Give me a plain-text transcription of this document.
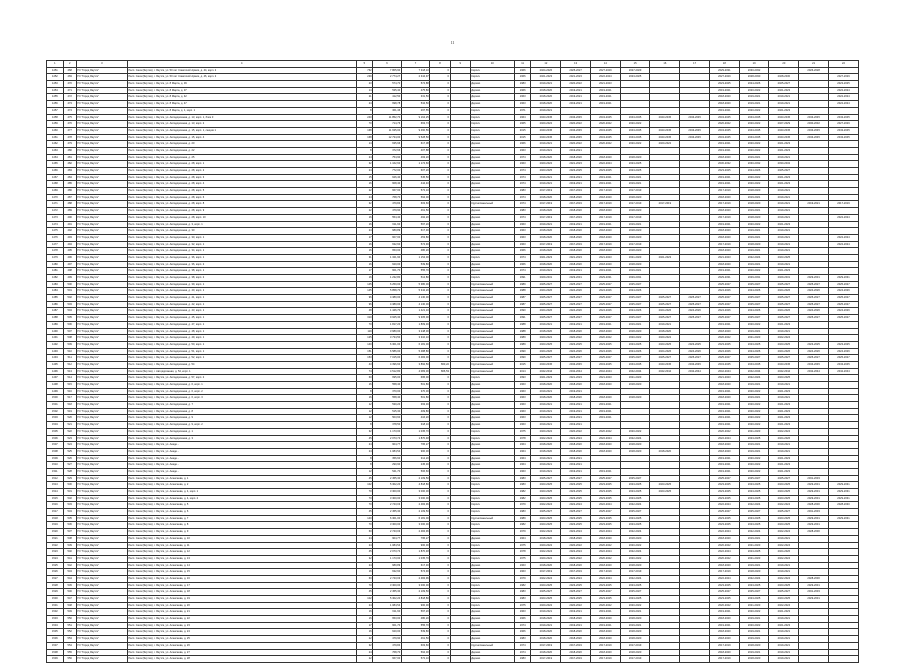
11
1	2	3	4	5	6	7	8	9	10	11	12	13	14	15	16	17	18	19	20	21	22
1451	468	ГО "Город Якутск"	Респ. Саха (Якутия), г. Якутск, ул. 50 лет Советской Армии, д. 44, корп. 2	762	7 805,90	7 318,10	0		Кирпич	1966	2024-2026	2025-2027	2027-2029	2027-2029			2029-2031	2030-2032		2026-2028	
1452	469	ГО "Город Якутск"	Респ. Саха (Якутия), г. Якутск, ул. 50 лет Советской Армии, д. 46, корп. 2	239	2 774,27	2 344,97	0		Кирпич	1966	2021-2023	2021-2023	2022-2024	2023-2025			2027-2029	2028-2030	2028-2030		2027-2029
1453	470	ГО "Город Якутск"	Респ. Саха (Якутия), г. Якутск, ул. 8 Марта, д. 39	23	574,70	574,88	0		Дерево	1983	2019-2021	2020-2022	2021-2023				2023-2025	2024-2026	2025-2027		2023-2025
1454	471	ГО "Город Якутск"	Респ. Саха (Якутия), г. Якутск, ул. 8 Марта, д. 37	14	535,40	475,80	0		Дерево	1966	2018-2020	2019-2021	2019-2021				2019-2021	2020-2022	2021-2023		2022-2024
1455	472	ГО "Город Якутск"	Респ. Саха (Якутия), г. Якутск, ул. 8 Марта, д. 42	21	412,50	331,50	0		Дерево	1963	2018-2020	2019-2021	2019-2021				2018-2020	2019-2021	2019-2021		2022-2024
1456	473	ГО "Город Якутск"	Респ. Саха (Якутия), г. Якутск, ул. 8 Марта, д. 47	24	698,78	534,50	0		Дерево	1963	2018-2020	2019-2021	2019-2021				2018-2020	2019-2021	2019-2021		2022-2024
1457	474	ГО "Город Якутск"	Респ. Саха (Якутия), г. Якутск, ул. 8 Марта, д. 1, корп. 1	8	361,46	297,55	0		Кирпич	1971	2019-2021						2019-2021	2020-2022	2021-2023		
1458	475	ГО "Город Якутск"	Респ. Саха (Якутия), г. Якутск, ул. Автодорожная, д. 13, корп. 1, блок 3	240	11 852,70	9 164,25	0		Кирпич	1964	2043-2045	2043-2045	2043-2045	2043-2045	2043-2045	2043-2045	2043-2045	2043-2045	2043-2045	2043-2045	2043-2045
1459	476	ГО "Город Якутск"	Респ. Саха (Якутия), г. Якутск, ул. Автодорожная, д. 13, корп. 2	70	714,76	663,73	0		Кирпич	1965	2020-2022	2020-2022	2020-2022	2020-2022			2020-2022	2020-2022	2027-2029	2030-2032	2027-2029
1460	477	ГО "Город Якутск"	Респ. Саха (Якутия), г. Якутск, ул. Автодорожная, д. 15, корп. 1, секция 1	168	11 635,00	9 460,56	0		Кирпич	2015	2043-2045	2043-2045	2043-2045	2043-2045	2043-2045	2043-2045	2043-2045	2043-2045	2043-2045	2043-2045	2043-2045
1461	478	ГО "Город Якутск"	Респ. Саха (Якутия), г. Якутск, ул. Автодорожная, д. 15, корп. 4	168	12 734,00	9 528,50	0		Кирпич	2015	2043-2045	2043-2045	2043-2045	2043-2045	2043-2045	2043-2045	2043-2045	2043-2045	2043-2045	2043-2045	2043-2045
1462	479	ГО "Город Якутск"	Респ. Саха (Якутия), г. Якутск, ул. Автодорожная, д. 20	14	635,96	617,08	0		Дерево	1966	2019-2021	2020-2022	2020-2022	2020-2022	2020-2022		2019-2021	2020-2022	2021-2023		
1463	480	ГО "Город Якутск"	Респ. Саха (Якутия), г. Якутск, ул. Автодорожная, д. 22	8	372,66	407,88	0		Дерево	1963	2019-2021	2019-2021					2019-2021	2020-2022	2021-2023		
1464	481	ГО "Город Якутск"	Респ. Саха (Якутия), г. Якутск, ул. Автодорожная, д. 25	24	754,90	493,20	0		Дерево	1974	2018-2020	2018-2020	2018-2020	2018-2020			2018-2020	2019-2021	2019-2021		
1465	482	ГО "Город Якутск"	Респ. Саха (Якутия), г. Якутск, ул. Автодорожная, д. 28, корп. 1	32	1 162,60	1 174,60	0		Дерево	1963	2020-2022	2021-2023	2022-2024	2023-2025			2030-2032	2030-2032	2030-2032		
1466	483	ГО "Город Якутск"	Респ. Саха (Якутия), г. Якутск, ул. Автодорожная, д. 28, корп. 2	24	772,00	607,20	0		Дерево	1974	2023-2025	2023-2025	2023-2025	2023-2025			2023-2025	2024-2026	2025-2027		
1467	484	ГО "Город Якутск"	Респ. Саха (Якутия), г. Якутск, ул. Автодорожная, д. 28, корп. 3	15	626,40	545,50	0		Дерево	1974	2019-2021	2019-2021	2019-2021	2019-2021			2019-2021	2020-2022	2021-2023		
1468	485	ГО "Город Якутск"	Респ. Саха (Якутия), г. Якутск, ул. Автодорожная, д. 28, корп. 4	16	608,40	444,40	0		Дерево	1974	2019-2021	2019-2021	2019-2021	2019-2021			2019-2021	2020-2022	2021-2023		
1469	486	ГО "Город Якутск"	Респ. Саха (Якутия), г. Якутск, ул. Автодорожная, д. 28, корп. 5	22	667,00	572,10	0		Дерево	1983	2017-2019	2017-2019	2017-2019	2017-2019			2017-2019	2018-2020	2019-2021		
1470	487	ГО "Город Якутск"	Респ. Саха (Якутия), г. Якутск, ул. Автодорожная, д. 28, корп. 6	24	768,70	594,00	0		Дерево	1974	2018-2020	2018-2020	2018-2020	2018-2020			2018-2020	2019-2021	2019-2021		
1471	488	ГО "Город Якутск"	Респ. Саха (Якутия), г. Якутск, ул. Автодорожная, д. 28, корп. 8	32	479,84	603,60	0		Крупнопанельный	1974	2017-2019	2017-2019	2017-2019	2017-2019	2017-2019		2017-2019	2018-2020	2019-2021	2019-2021	2017-2019
1472	489	ГО "Город Якутск"	Респ. Саха (Якутия), г. Якутск, ул. Автодорожная, д. 28, корп. 9	22	479,90	461,50	0		Дерево	1983	2018-2020	2018-2020	2018-2020	2018-2020			2018-2020	2019-2021	2019-2021		
1473	490	ГО "Город Якутск"	Респ. Саха (Якутия), г. Якутск, ул. Автодорожная, д. 28, корп. 10	16	554,40	492,20	0		Дерево	1974	2017-2019	2017-2019	2017-2019	2017-2019			2017-2019	2018-2020	2019-2021		2022-2024
1474	491	ГО "Город Якутск"	Респ. Саха (Якутия), г. Якутск, ул. Автодорожная, д. 3, корп. 1	16	611,60	597,20	0		Дерево	1963	2019-2021	2019-2021	2019-2021	2019-2021			2019-2021	2020-2022	2021-2023		
1475	492	ГО "Город Якутск"	Респ. Саха (Якутия), г. Якутск, ул. Автодорожная, д. 30	24	680,89	617,30	0		Дерево	1963	2018-2020	2018-2020	2018-2020	2018-2020			2018-2020	2019-2021	2019-2021		
1476	493	ГО "Город Якутск"	Респ. Саха (Якутия), г. Якутск, ул. Автодорожная, д. 30, корп. 1	17	607,00	453,80	0		Дерево	1963	2018-2020	2018-2020	2018-2020	2018-2020			2018-2020	2019-2021	2019-2021		2022-2024
1477	494	ГО "Город Якутск"	Респ. Саха (Якутия), г. Якутск, ул. Автодорожная, д. 32, корп. 1	16	632,60	574,90	0		Дерево	1963	2017-2019	2017-2019	2017-2019	2017-2019			2017-2019	2018-2020	2019-2021		2022-2024
1478	495	ГО "Город Якутск"	Респ. Саха (Якутия), г. Якутск, ул. Автодорожная, д. 34, корп. 1	16	653,00	480,20	0		Дерево	1966	2018-2020	2018-2020	2018-2020	2018-2020			2018-2020	2019-2021	2019-2021		
1479	496	ГО "Город Якутск"	Респ. Саха (Якутия), г. Якутск, ул. Автодорожная, д. 36, корп. 1	31	1 321,90	1 154,00	0		Кирпич	1974	2021-2023	2021-2023	2021-2023	2021-2023	2021-2023		2021-2023	2022-2024	2023-2025		
1480	497	ГО "Город Якутск"	Респ. Саха (Якутия), г. Якутск, ул. Автодорожная, д. 36, корп. 2	16	620,00	539,80	0		Дерево	1966	2018-2020	2018-2020	2018-2020	2018-2020			2018-2020	2019-2021	2019-2021		
1481	498	ГО "Город Якутск"	Респ. Саха (Якутия), г. Якутск, ул. Автодорожная, д. 38, корп. 1	17	601,70	555,70	0		Дерево	1974	2019-2021	2019-2021	2019-2021	2019-2021			2019-2021	2020-2022	2021-2023		
1482	499	ГО "Город Якутск"	Респ. Саха (Якутия), г. Якутск, ул. Автодорожная, д. 38, корп. 2	16	1 232,80	512,80	0		Кирпич	1991	2029-2031	2029-2031	2029-2031	2029-2031			2029-2031	2029-2031	2029-2031	2029-2031	2029-2031
1483	500	ГО "Город Якутск"	Респ. Саха (Якутия), г. Якутск, ул. Автодорожная, д. 39, корп. 1	145	6 250,00	5 380,00	0		Крупнопанельный	1989	2025-2027	2025-2027	2025-2027	2025-2027			2025-2027	2025-2027	2025-2027	2025-2027	2025-2027
1484	501	ГО "Город Якутск"	Респ. Саха (Якутия), г. Якутск, ул. Автодорожная, д. 40, корп. 1	145	5 858,70	5 342,20	0		Крупнопанельный	1988	2024-2026	2024-2026	2024-2026	2024-2026			2024-2026	2024-2026	2024-2026	2024-2026	2024-2026
1485	502	ГО "Город Якутск"	Респ. Саха (Якутия), г. Якутск, ул. Автодорожная, д. 41, корп. 1	96	4 380,00	4 130,00	0		Крупнопанельный	1987	2025-2027	2025-2027	2025-2027	2025-2027	2025-2027	2025-2027	2025-2027	2025-2027	2025-2027	2025-2027	2025-2027
1486	503	ГО "Город Якутск"	Респ. Саха (Якутия), г. Якутск, ул. Автодорожная, д. 42, корп. 1	96	4 380,00	4 130,00	0		Крупнопанельный	1987	2025-2027	2025-2027	2025-2027	2025-2027	2025-2027	2025-2027	2025-2027	2025-2027	2025-2027	2025-2027	2025-2027
1487	504	ГО "Город Якутск"	Респ. Саха (Якутия), г. Якутск, ул. Автодорожная, д. 43, корп. 1	48	1 446,70	1 421,10	0		Крупнопанельный	1990	2024-2026	2024-2026	2024-2026	2024-2026	2024-2026	2024-2026	2024-2026	2024-2026	2024-2026	2024-2026	2024-2026
1488	505	ГО "Город Якутск"	Респ. Саха (Якутия), г. Якутск, ул. Автодорожная, д. 45, корп. 1	310	9 925,30	9 305,00	0		Крупнопанельный	1991	2025-2027	2025-2027	2025-2027	2025-2027	2025-2027	2025-2027	2025-2027	2025-2027	2025-2027	2025-2027	2025-2027
1489	506	ГО "Город Якутск"	Респ. Саха (Якутия), г. Якутск, ул. Автодорожная, д. 47, корп. 1	70	1 817,20	1 809,30	0		Крупнопанельный	1988	2019-2021	2019-2021	2019-2021	2019-2021	2019-2021		2019-2021	2020-2022	2021-2023		
1490	507	ГО "Город Якутск"	Респ. Саха (Якутия), г. Якутск, ул. Автодорожная, д. 48, корп. 1	119	3 680,00	3 248,00	0		Крупнопанельный	1988	2018-2020	2018-2020	2018-2020	2018-2020	2018-2020		2018-2020	2019-2021	2019-2021		
1491	508	ГО "Город Якутск"	Респ. Саха (Якутия), г. Якутск, ул. Автодорожная, д. 49, корп. 1	125	3 734,50	3 310,10	0		Крупнопанельный	1989	2020-2022	2020-2022	2020-2022	2020-2022	2020-2022		2020-2022	2021-2023	2022-2024		
1492	509	ГО "Город Якутск"	Респ. Саха (Якутия), г. Якутск, ул. Автодорожная, д. 50, корп. 1	140	6 301,00	6 181,00	0		Крупнопанельный	1989	2023-2025	2023-2025	2023-2025	2023-2025	2023-2025	2023-2025	2023-2025	2023-2025	2023-2025	2023-2025	2023-2025
1493	510	ГО "Город Якутск"	Респ. Саха (Якутия), г. Якутск, ул. Автодорожная, д. 51, корп. 1	151	6 586,00	5 488,80	0		Крупнопанельный	1990	2024-2026	2024-2026	2024-2026	2024-2026	2024-2026	2024-2026	2024-2026	2024-2026	2024-2026	2024-2026	2024-2026
1494	511	ГО "Город Якутск"	Респ. Саха (Якутия), г. Якутск, ул. Автодорожная, д. 52, корп. 1	153	7 015,00	6 484,00	0		Крупнопанельный	1990	2025-2027	2025-2027	2025-2027	2025-2027	2025-2027	2025-2027	2025-2027	2025-2027	2025-2027	2025-2027	2025-2027
1495	512	ГО "Город Якутск"	Респ. Саха (Якутия), г. Якутск, ул. Автодорожная, д. 54	43	4 396,60	3 892,50	863,22		Крупнопанельный	2015	2043-2045	2043-2045	2043-2045	2043-2045	2043-2045	2043-2045	2043-2045	2043-2045	2043-2045	2043-2045	2043-2045
1496	513	ГО "Город Якутск"	Респ. Саха (Якутия), г. Автодорожная, д. 54, корп. 1	74	4 512,80	4 083,00	806,53		Крупнопанельный	2014	2042-2044	2042-2044	2042-2044	2042-2044	2042-2044	2042-2044	2042-2044	2042-2044	2042-2044	2042-2044	2042-2044
1497	514	ГО "Город Якутск"	Респ. Саха (Якутия), г. Якутск, ул. Автодорожная, д. 57, корп. 2	60	695,00	695,00	0		Кирпич	1993	2021-2023	2021-2023	2021-2023	2021-2023			2021-2023	2022-2024	2023-2025		
1498	515	ГО "Город Якутск"	Респ. Саха (Якутия), г. Якутск, ул. Автодорожная, д. 6, корп. 1	16	558,40	501,80	0		Дерево	1963	2018-2020	2018-2020	2018-2020	2018-2020			2018-2020	2019-2021	2019-2021		
1499	516	ГО "Город Якутск"	Респ. Саха (Якутия), г. Якутск, ул. Автодорожная, д. 6, корп. 2	8	370,00	370,00	0		Дерево	1963	2019-2021	2019-2021					2019-2021	2020-2022	2021-2023		
1500	517	ГО "Город Якутск"	Респ. Саха (Якутия), г. Якутск, ул. Автодорожная, д. 6, корп. 3	16	558,40	501,80	0		Дерево	1963	2018-2020	2018-2020	2018-2020	2018-2020			2018-2020	2019-2021	2019-2021		
1501	518	ГО "Город Якутск"	Респ. Саха (Якутия), г. Якутск, ул. Автодорожная, д. 7	12	530,20	393,30	0		Дерево	1963	2019-2021	2019-2021	2019-2021				2019-2021	2020-2022	2021-2023		
1502	519	ГО "Город Якутск"	Респ. Саха (Якутия), г. Якутск, ул. Автодорожная, д. 8	12	515,30	409,80	0		Дерево	1963	2019-2021	2019-2021	2019-2021				2019-2021	2020-2022	2021-2023		
1503	520	ГО "Город Якутск"	Респ. Саха (Якутия), г. Якутск, ул. Автодорожная, д. 9	12	503,60	416,20	0		Дерево	1963	2019-2021	2019-2021	2019-2021				2019-2021	2020-2022	2021-2023		
1504	521	ГО "Город Якутск"	Респ. Саха (Якутия), г. Якутск, ул. Автодорожная, д. 9, корп. 2	8	378,50	318,10	0		Дерево	1963	2019-2021	2019-2021					2019-2021	2020-2022	2021-2023		
1505	522	ГО "Город Якутск"	Респ. Саха (Якутия), г. Якутск, ул. Автодорожная, д. 1	32	1 173,00	1 035,70	0		Кирпич	1975	2020-2022	2020-2022	2020-2022	2020-2022			2020-2022	2021-2023	2022-2024		
1506	523	ГО "Город Якутск"	Респ. Саха (Якутия), г. Якутск, ул. Автодорожная, д. 3	45	2 073,74	1 870,48	0		Кирпич	1978	2022-2024	2022-2024	2022-2024	2022-2024			2022-2024	2023-2025	2024-2026		
1507	524	ГО "Город Якутск"	Респ. Саха (Якутия), г. Якутск, ул. Акаде...	24	904,77	795,27	0		Дерево	1964	2018-2020	2018-2020	2018-2020	2018-2020			2018-2020	2019-2021	2019-2021		
1508	525	ГО "Город Якутск"	Респ. Саха (Якутия), г. Якутск, ул. Акаде...	24	1 084,54	900,00	0		Дерево	1964	2018-2020	2018-2020	2018-2020	2018-2020	2018-2020		2018-2020	2019-2021	2019-2021		
1509	526	ГО "Город Якутск"	Респ. Саха (Якутия), г. Якутск, ул. Акаде...	8	356,60	312,20	0		Дерево	1964	2019-2021	2019-2021					2019-2021	2020-2022	2021-2023		
1510	527	ГО "Город Якутск"	Респ. Саха (Якутия), г. Якутск, ул. Акаде...	8	290,90	245,30	0		Дерево	1964	2019-2021	2019-2021					2019-2021	2020-2022	2021-2023		
1511	528	ГО "Город Якутск"	Респ. Саха (Якутия), г. Якутск, ул. Акаде...	12	541,70	506,60	0		Дерево	1963	2019-2021	2019-2021	2019-2021				2019-2021	2020-2022	2021-2023		
1512	529	ГО "Город Якутск"	Респ. Саха (Якутия), г. Якутск, ул. Алексеева, д. 1	45	2 455,30	2 109,50	0		Кирпич	1983	2025-2027	2025-2027	2025-2027	2025-2027			2025-2027	2025-2027	2025-2027	2031-2033	
1513	530	ГО "Город Якутск"	Респ. Саха (Якутия), г. Якутск, ул. Алексеева, д. 2	102	5 302,20	4 818,80	0		Кирпич	1983	2023-2025	2023-2025	2023-2025	2023-2025	2023-2025		2023-2025	2023-2025	2023-2025	2029-2031	2029-2031
1514	531	ГО "Город Якутск"	Респ. Саха (Якутия), г. Якутск, ул. Алексеева, д. 4, корп. 1	70	3 300,00	3 000,00	0		Кирпич	1982	2023-2025	2023-2025	2023-2025	2023-2025	2023-2025		2023-2025	2023-2025	2023-2025	2029-2031	2029-2031
1515	532	ГО "Город Якутск"	Респ. Саха (Якутия), г. Якутск, ул. Алексеева, д. 4, корп. 2	70	3 300,00	3 000,00	0		Кирпич	1982	2023-2025	2023-2025	2023-2025	2023-2025			2023-2025	2023-2025	2023-2025	2029-2031	2029-2031
1516	533	ГО "Город Якутск"	Респ. Саха (Якутия), г. Якутск, ул. Алексеева, д. 5	70	2 743,03	2 484,96	0		Кирпич	1979	2022-2024	2022-2024	2022-2024	2022-2024			2022-2024	2022-2024	2022-2024	2028-2030	2028-2030
1517	534	ГО "Город Якутск"	Респ. Саха (Якутия), г. Якутск, ул. Алексеева, д. 6	45	2 455,30	2 109,50	0		Кирпич	1983	2025-2027	2025-2027	2025-2027	2025-2027			2025-2027	2025-2027	2025-2027	2031-2033	
1518	535	ГО "Город Якутск"	Респ. Саха (Якутия), г. Якутск, ул. Алексеева, д. 7	140	6 301,00	6 181,00	0		Крупнопанельный	1989	2023-2025	2023-2025	2023-2025	2023-2025			2023-2025	2023-2025	2023-2025	2029-2031	2029-2031
1519	536	ГО "Город Якутск"	Респ. Саха (Якутия), г. Якутск, ул. Алексеева, д. 8	70	3 300,00	3 000,00	0		Кирпич	1982	2023-2025	2023-2025	2023-2025	2023-2025			2023-2025	2023-2025	2023-2025	2029-2031	
1520	537	ГО "Город Якутск"	Респ. Саха (Якутия), г. Якутск, ул. Алексеева, д. 9	60	2 743,03	2 484,96	0		Кирпич	1979	2022-2024	2022-2024	2022-2024	2022-2024			2022-2024	2022-2024	2022-2024	2028-2030	
1521	538	ГО "Город Якутск"	Респ. Саха (Якутия), г. Якутск, ул. Алексеева, д. 10	24	904,77	795,27	0		Дерево	1964	2018-2020	2018-2020	2018-2020	2018-2020			2018-2020	2019-2021	2019-2021		
1522	539	ГО "Город Якутск"	Респ. Саха (Якутия), г. Якутск, ул. Алексеева, д. 11	24	1 084,54	900,00	0		Кирпич	1975	2020-2022	2020-2022	2020-2022	2020-2022			2020-2022	2021-2023	2022-2024		
1523	540	ГО "Город Якутск"	Респ. Саха (Якутия), г. Якутск, ул. Алексеева, д. 12	45	2 073,74	1 870,48	0		Кирпич	1978	2022-2024	2022-2024	2022-2024	2022-2024			2022-2024	2023-2025	2024-2026		
1524	541	ГО "Город Якутск"	Респ. Саха (Якутия), г. Якутск, ул. Алексеева, д. 13	32	1 173,00	1 035,70	0		Кирпич	1975	2020-2022	2020-2022	2020-2022	2020-2022			2020-2022	2021-2023	2022-2024		
1525	542	ГО "Город Якутск"	Респ. Саха (Якутия), г. Якутск, ул. Алексеева, д. 14	24	680,89	617,30	0		Дерево	1963	2018-2020	2018-2020	2018-2020	2018-2020			2018-2020	2019-2021	2019-2021		
1526	543	ГО "Город Якутск"	Респ. Саха (Якутия), г. Якутск, ул. Алексеева, д. 15	16	632,60	574,90	0		Дерево	1963	2017-2019	2017-2019	2017-2019	2017-2019			2017-2019	2018-2020	2019-2021		
1527	544	ГО "Город Якутск"	Респ. Саха (Якутия), г. Якутск, ул. Алексеева, д. 16	60	2 743,03	2 484,96	0		Кирпич	1979	2022-2024	2022-2024	2022-2024	2022-2024			2022-2024	2022-2024	2022-2024	2028-2030	
1528	545	ГО "Город Якутск"	Респ. Саха (Якутия), г. Якутск, ул. Алексеева, д. 17	70	3 300,00	3 000,00	0		Кирпич	1982	2023-2025	2023-2025	2023-2025	2023-2025			2023-2025	2023-2025	2023-2025	2029-2031	
1529	546	ГО "Город Якутск"	Респ. Саха (Якутия), г. Якутск, ул. Алексеева, д. 18	45	2 455,30	2 109,50	0		Кирпич	1983	2025-2027	2025-2027	2025-2027	2025-2027			2025-2027	2025-2027	2025-2027	2031-2033	
1530	547	ГО "Город Якутск"	Респ. Саха (Якутия), г. Якутск, ул. Алексеева, д. 19	102	5 302,20	4 818,80	0		Кирпич	1983	2023-2025	2023-2025	2023-2025	2023-2025			2023-2025	2023-2025	2023-2025	2029-2031	
1531	548	ГО "Город Якутск"	Респ. Саха (Якутия), г. Якутск, ул. Алексеева, д. 20	24	1 084,54	900,00	0		Кирпич	1975	2020-2022	2020-2022	2020-2022	2020-2022			2020-2022	2021-2023	2022-2024		
1532	549	ГО "Город Якутск"	Респ. Саха (Якутия), г. Якутск, ул. Алексеева, д. 21	16	611,60	597,20	0		Дерево	1963	2019-2021	2019-2021	2019-2021	2019-2021			2019-2021	2020-2022	2021-2023		
1533	550	ГО "Город Якутск"	Респ. Саха (Якутия), г. Якутск, ул. Алексеева, д. 22	16	653,00	480,20	0		Дерево	1966	2018-2020	2018-2020	2018-2020	2018-2020			2018-2020	2019-2021	2019-2021		
1534	551	ГО "Город Якутск"	Респ. Саха (Якутия), г. Якутск, ул. Алексеева, д. 23	17	601,70	555,70	0		Дерево	1974	2019-2021	2019-2021	2019-2021	2019-2021			2019-2021	2020-2022	2021-2023		
1535	552	ГО "Город Якутск"	Респ. Саха (Якутия), г. Якутск, ул. Алексеева, д. 24	16	620,00	539,80	0		Дерево	1966	2018-2020	2018-2020	2018-2020	2018-2020			2018-2020	2019-2021	2019-2021		
1536	553	ГО "Город Якутск"	Респ. Саха (Якутия), г. Якутск, ул. Алексеева, д. 25	22	479,90	461,50	0		Дерево	1983	2018-2020	2018-2020	2018-2020	2018-2020			2018-2020	2019-2021	2019-2021		
1537	554	ГО "Город Якутск"	Респ. Саха (Якутия), г. Якутск, ул. Алексеева, д. 26	32	479,84	603,60	0		Крупнопанельный	1974	2017-2019	2017-2019	2017-2019	2017-2019			2017-2019	2018-2020	2019-2021		
1538	555	ГО "Город Якутск"	Респ. Саха (Якутия), г. Якутск, ул. Алексеева, д. 27	24	768,70	594,00	0		Дерево	1974	2018-2020	2018-2020	2018-2020	2018-2020			2018-2020	2019-2021	2019-2021		
1539	556	ГО "Город Якутск"	Респ. Саха (Якутия), г. Якутск, ул. Алексеева, д. 28	22	667,00	572,10	0		Дерево	1983	2017-2019	2017-2019	2017-2019	2017-2019			2017-2019	2018-2020	2019-2021		
